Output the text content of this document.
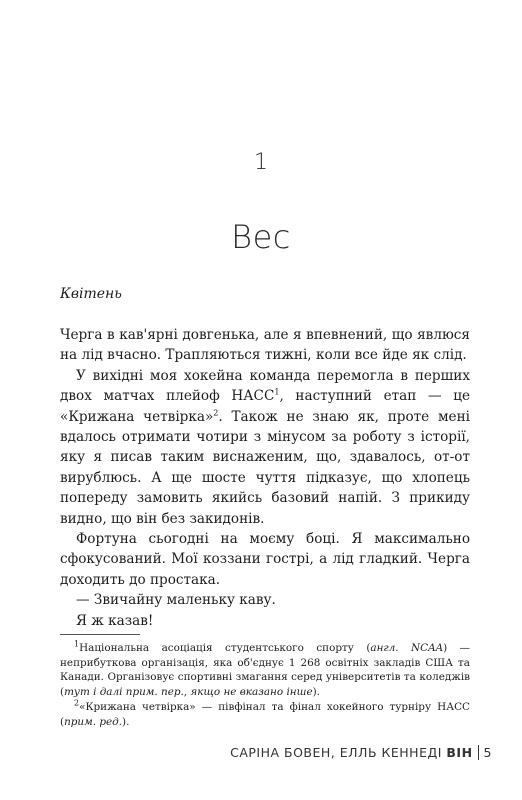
1
Вес
Квітень

Черга в кав'ярні довгенька, але я впевнений, що явлюся на лід вчасно. Трапляються тижні, коли все йде як слід.

У вихідні моя хокейна команда перемогла в перших двох матчах плейоф НАСС$^1$, наступний етап — це «Крижана четвірка»$^2$. Також не знаю як, проте мені вдалось отримати чотири з мінусом за роботу з історії, яку я писав таким виснаженим, що, здавалось, от-от вирублюсь. А ще шосте чуття підказує, що хлопець попереду замовить якийсь базовий напій. З прикиду видно, що він без закидонів.

Фортуна сьогодні на моєму боці. Я максимально сфокусований. Мої коззани гострі, а лід гладкий. Черга доходить до простака.

— Звичайну маленьку каву.

Я ж казав!

$^1$Національна асоціація студентського спорту (англ. NCAA) — неприбуткова організація, яка об'єднує 1 268 освітніх закладів США та Канади. Організовує спортивні змагання серед університетів та коледжів (тут і далі прим. пер., якщо не вказано інше).

$^2$«Крижана четвірка» — півфінал та фінал хокейного турніру НАСС (прим. ред.).

САРІНА БОВЕН, ЕЛЛЬ КЕННЕДІ ВІН 5
